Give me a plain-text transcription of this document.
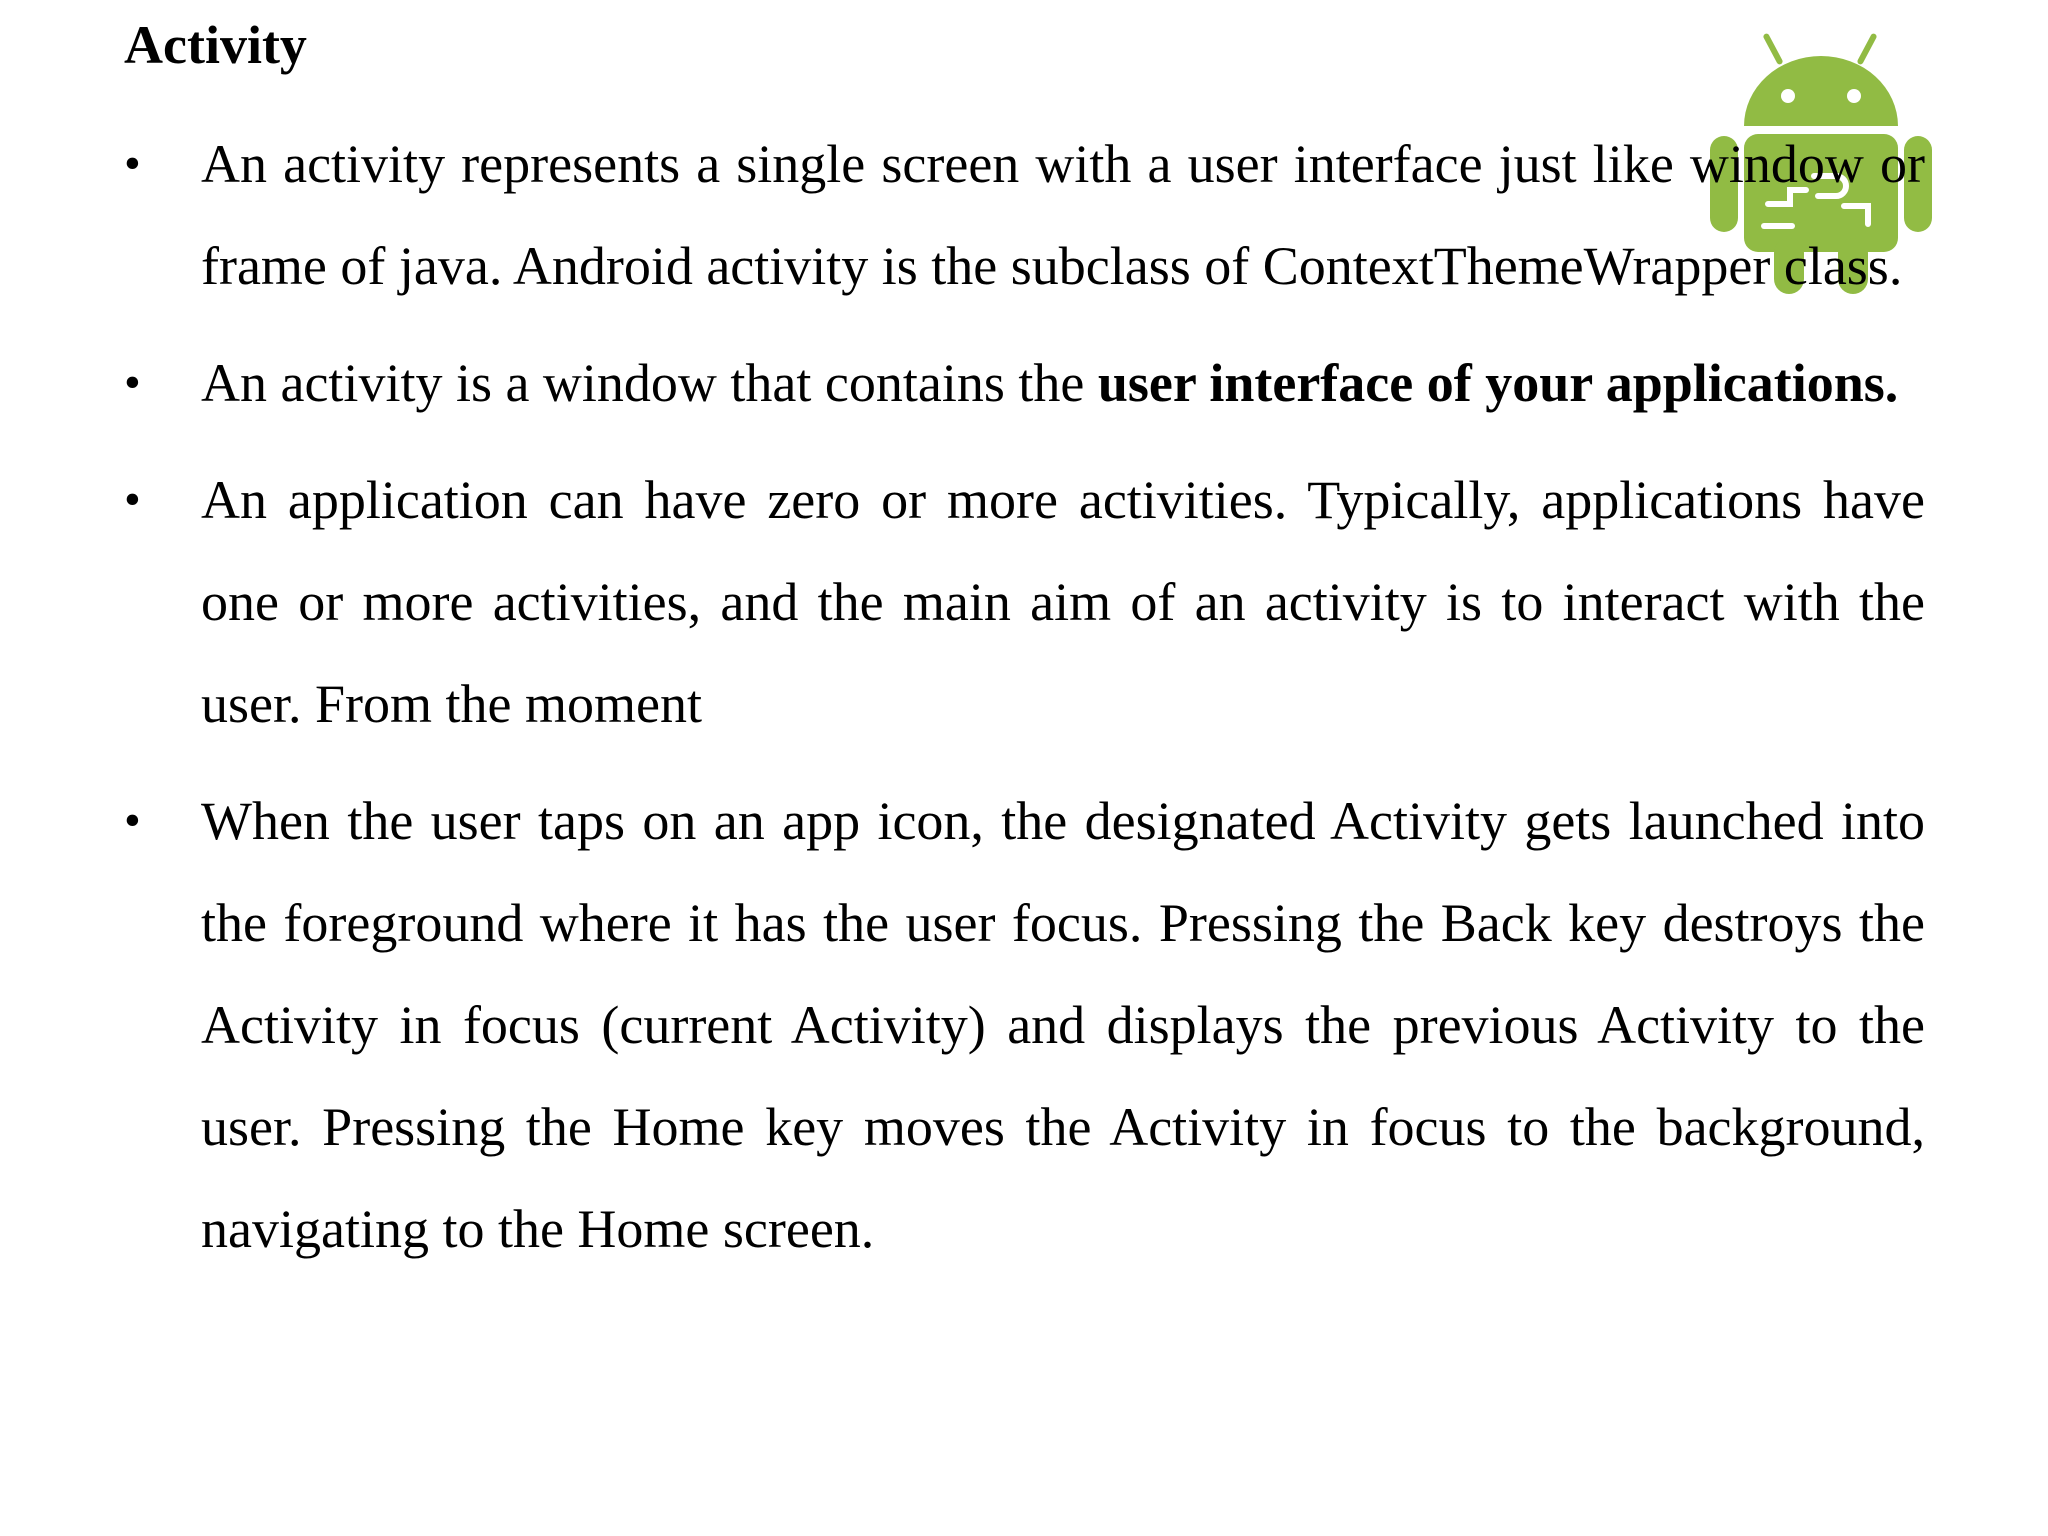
Activity
• An activity represents a single screen with a user interface just like window or frame of java. Android activity is the subclass of ContextThemeWrapper class.
• An activity is a window that contains the user interface of your applications.
• An application can have zero or more activities. Typically, applications have one or more activities, and the main aim of an activity is to interact with the user. From the moment
• When the user taps on an app icon, the designated Activity gets launched into the foreground where it has the user focus. Pressing the Back key destroys the Activity in focus (current Activity) and displays the previous Activity to the user. Pressing the Home key moves the Activity in focus to the background, navigating to the Home screen.
